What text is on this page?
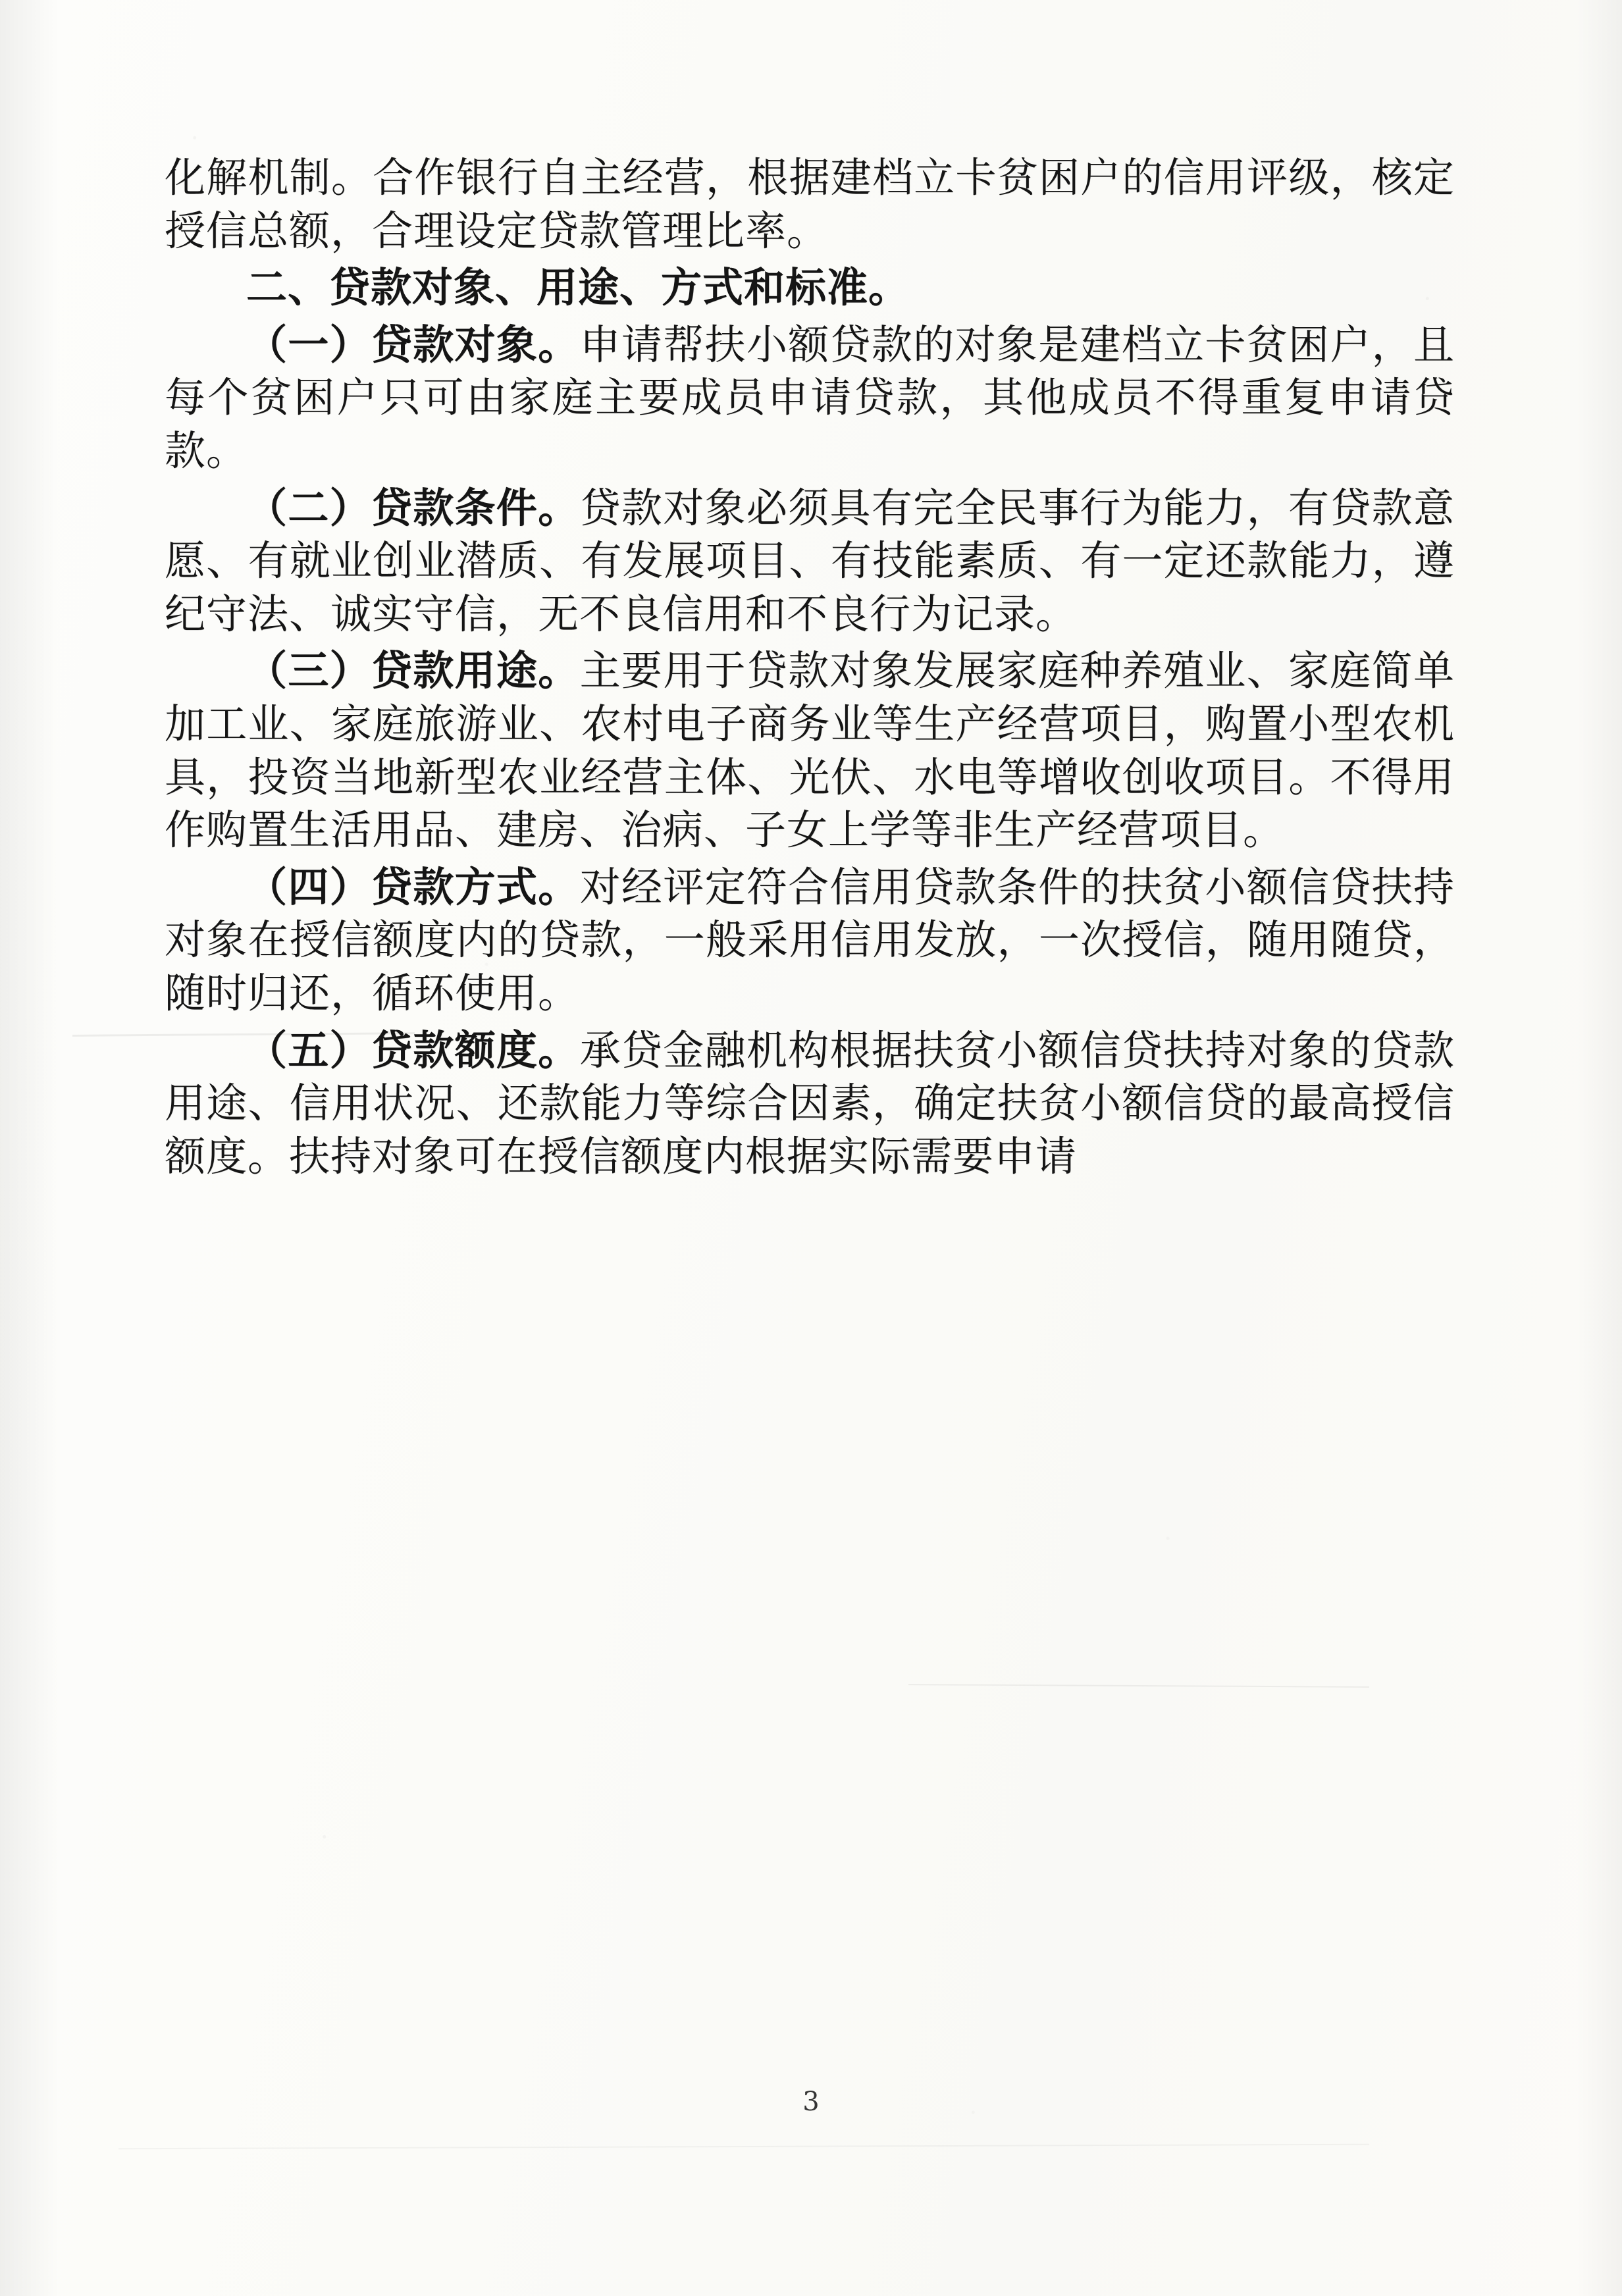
化解机制。合作银行自主经营，根据建档立卡贫困户的信用评级，核定授信总额，合理设定贷款管理比率。

二、贷款对象、用途、方式和标准。

（一）贷款对象。申请帮扶小额贷款的对象是建档立卡贫困户，且每个贫困户只可由家庭主要成员申请贷款，其他成员不得重复申请贷款。

（二）贷款条件。贷款对象必须具有完全民事行为能力，有贷款意愿、有就业创业潜质、有发展项目、有技能素质、有一定还款能力，遵纪守法、诚实守信，无不良信用和不良行为记录。

（三）贷款用途。主要用于贷款对象发展家庭种养殖业、家庭简单加工业、家庭旅游业、农村电子商务业等生产经营项目，购置小型农机具，投资当地新型农业经营主体、光伏、水电等增收创收项目。不得用作购置生活用品、建房、治病、子女上学等非生产经营项目。

（四）贷款方式。对经评定符合信用贷款条件的扶贫小额信贷扶持对象在授信额度内的贷款，一般采用信用发放，一次授信，随用随贷，随时归还，循环使用。

（五）贷款额度。承贷金融机构根据扶贫小额信贷扶持对象的贷款用途、信用状况、还款能力等综合因素，确定扶贫小额信贷的最高授信额度。扶持对象可在授信额度内根据实际需要申请

3
